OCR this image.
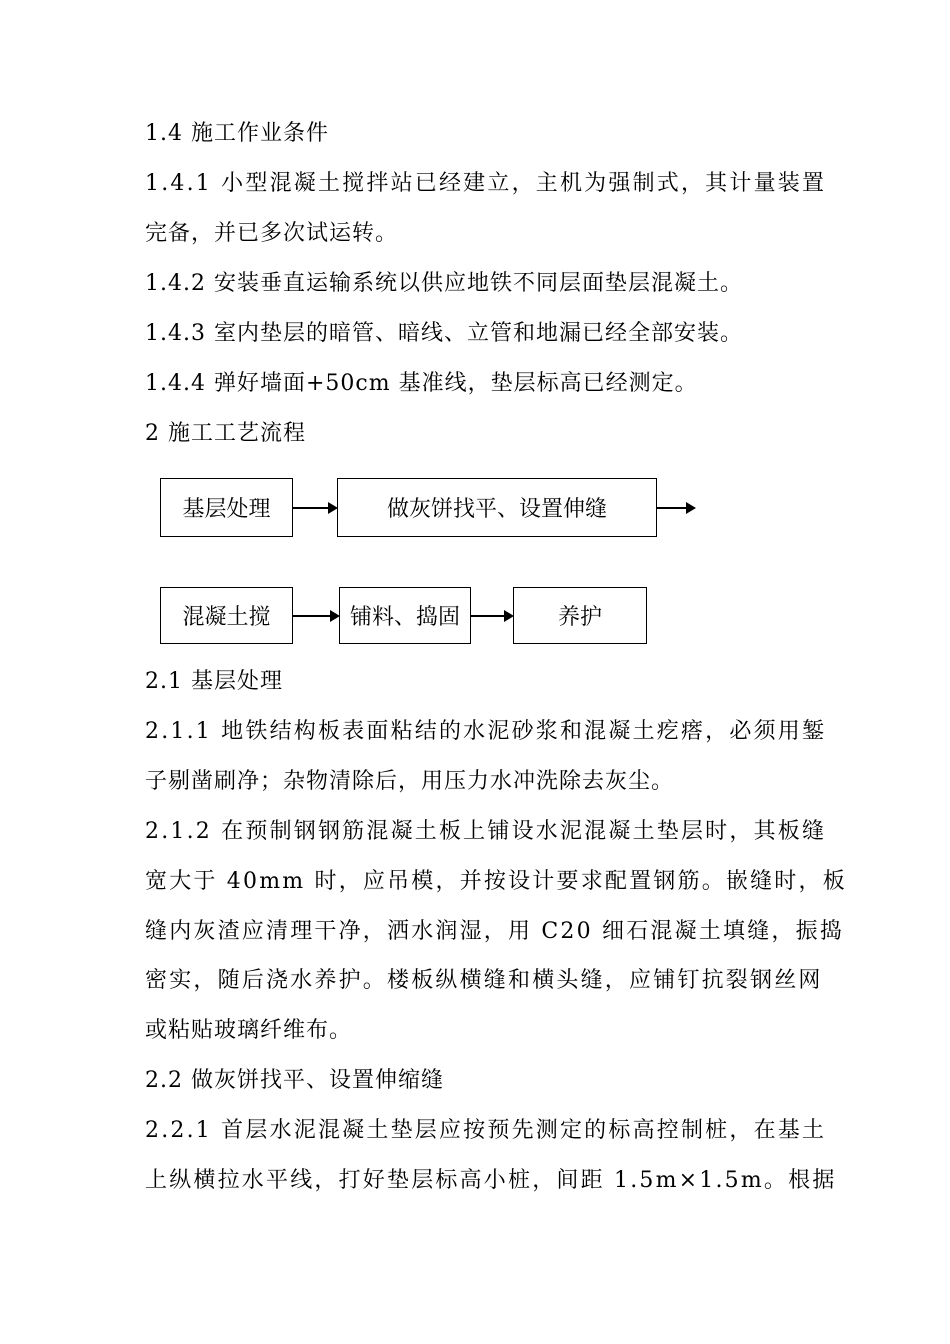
1.4 施工作业条件
1.4.1 小型混凝土搅拌站已经建立，主机为强制式，其计量装置
完备，并已多次试运转。
1.4.2 安装垂直运输系统以供应地铁不同层面垫层混凝土。
1.4.3 室内垫层的暗管、暗线、立管和地漏已经全部安装。
1.4.4 弹好墙面+50cm 基准线，垫层标高已经测定。
2 施工工艺流程
基层处理	做灰饼找平、设置伸缝
混凝土搅	铺料、捣固	养护
2.1 基层处理
2.1.1 地铁结构板表面粘结的水泥砂浆和混凝土疙瘩，必须用錾
子剔凿刷净；杂物清除后，用压力水冲洗除去灰尘。
2.1.2 在预制钢钢筋混凝土板上铺设水泥混凝土垫层时，其板缝
宽大于 40mm 时，应吊模，并按设计要求配置钢筋。嵌缝时，板
缝内灰渣应清理干净，洒水润湿，用 C20 细石混凝土填缝，振捣
密实，随后浇水养护。楼板纵横缝和横头缝，应铺钉抗裂钢丝网
或粘贴玻璃纤维布。
2.2 做灰饼找平、设置伸缩缝
2.2.1 首层水泥混凝土垫层应按预先测定的标高控制桩，在基土
上纵横拉水平线，打好垫层标高小桩，间距 1.5m×1.5m。根据
